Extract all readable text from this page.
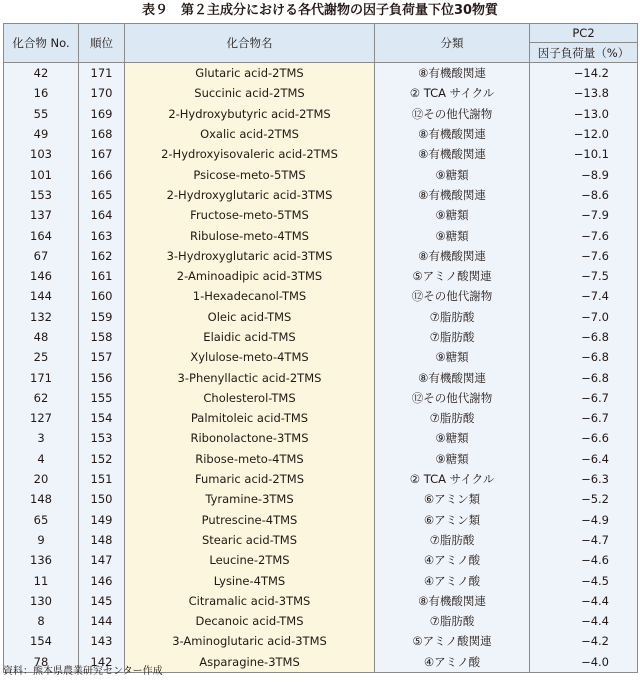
表９　第２主成分における各代謝物の因子負荷量下位30物質
化合物 No.	順位	化合物名	分類	PC2
				因子負荷量（%）
42	171	Glutaric acid-2TMS	⑧有機酸関連	−14.2
16	170	Succinic acid-2TMS	② TCA サイクル	−13.8
55	169	2-Hydroxybutyric acid-2TMS	⑫その他代謝物	−13.0
49	168	Oxalic acid-2TMS	⑧有機酸関連	−12.0
103	167	2-Hydroxyisovaleric acid-2TMS	⑧有機酸関連	−10.1
101	166	Psicose-meto-5TMS	⑨糖類	−8.9
153	165	2-Hydroxyglutaric acid-3TMS	⑧有機酸関連	−8.6
137	164	Fructose-meto-5TMS	⑨糖類	−7.9
164	163	Ribulose-meto-4TMS	⑨糖類	−7.6
67	162	3-Hydroxyglutaric acid-3TMS	⑧有機酸関連	−7.6
146	161	2-Aminoadipic acid-3TMS	⑤アミノ酸関連	−7.5
144	160	1-Hexadecanol-TMS	⑫その他代謝物	−7.4
132	159	Oleic acid-TMS	⑦脂肪酸	−7.0
48	158	Elaidic acid-TMS	⑦脂肪酸	−6.8
25	157	Xylulose-meto-4TMS	⑨糖類	−6.8
171	156	3-Phenyllactic acid-2TMS	⑧有機酸関連	−6.8
62	155	Cholesterol-TMS	⑫その他代謝物	−6.7
127	154	Palmitoleic acid-TMS	⑦脂肪酸	−6.7
3	153	Ribonolactone-3TMS	⑨糖類	−6.6
4	152	Ribose-meto-4TMS	⑨糖類	−6.4
20	151	Fumaric acid-2TMS	② TCA サイクル	−6.3
148	150	Tyramine-3TMS	⑥アミン類	−5.2
65	149	Putrescine-4TMS	⑥アミン類	−4.9
9	148	Stearic acid-TMS	⑦脂肪酸	−4.7
136	147	Leucine-2TMS	④アミノ酸	−4.6
11	146	Lysine-4TMS	④アミノ酸	−4.5
130	145	Citramalic acid-3TMS	⑧有機酸関連	−4.4
8	144	Decanoic acid-TMS	⑦脂肪酸	−4.4
154	143	3-Aminoglutaric acid-3TMS	⑤アミノ酸関連	−4.2
78	142	Asparagine-3TMS	④アミノ酸	−4.0
資料：熊本県農業研究センター作成
